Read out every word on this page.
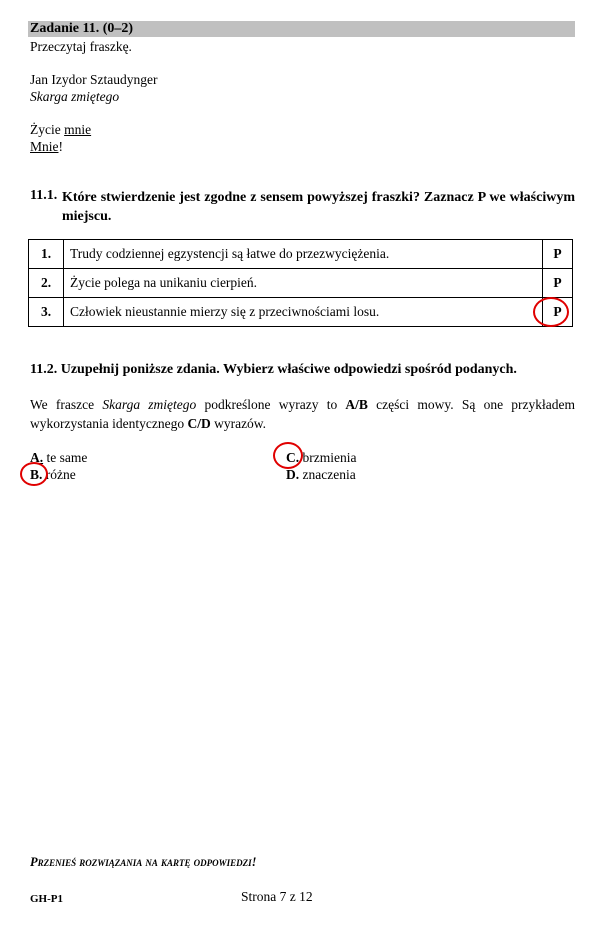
Zadanie 11. (0–2)
Przeczytaj fraszkę.
Jan Izydor Sztaudynger
Skarga zmiętego
Życie mnie
Mnie!
11.1. Które stwierdzenie jest zgodne z sensem powyższej fraszki? Zaznacz P we właściwym miejscu.
1.	Trudy codziennej egzystencji są łatwe do przezwyciężenia.	P
2.	Życie polega na unikaniu cierpień.	P
3.	Człowiek nieustannie mierzy się z przeciwnościami losu.	P
11.2. Uzupełnij poniższe zdania. Wybierz właściwe odpowiedzi spośród podanych.
We fraszce Skarga zmiętego podkreślone wyrazy to A/B części mowy. Są one przykładem wykorzystania identycznego C/D wyrazów.
A. te same
B. różne
C. brzmienia
D. znaczenia
Przenieś rozwiązania na kartę odpowiedzi!
GH-P1	Strona 7 z 12
